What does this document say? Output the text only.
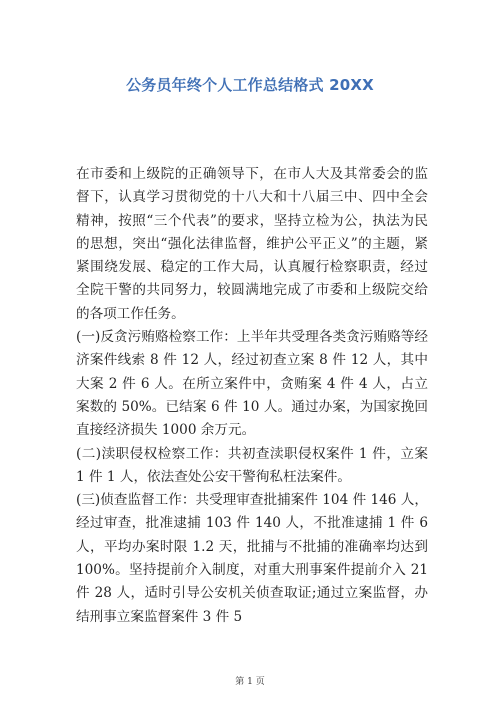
公务员年终个人工作总结格式 20XX

在市委和上级院的正确领导下，在市人大及其常委会的监督下，认真学习贯彻党的十八大和十八届三中、四中全会精神，按照“三个代表”的要求，坚持立检为公，执法为民的思想，突出“强化法律监督，维护公平正义”的主题，紧紧围绕发展、稳定的工作大局，认真履行检察职责，经过全院干警的共同努力，较圆满地完成了市委和上级院交给的各项工作任务。

(一)反贪污贿赂检察工作：上半年共受理各类贪污贿赂等经济案件线索 8 件 12 人，经过初查立案 8 件 12 人，其中大案 2 件 6 人。在所立案件中，贪贿案 4 件 4 人，占立案数的 50%。已结案 6 件 10 人。通过办案，为国家挽回直接经济损失 1000 余万元。

(二)渎职侵权检察工作：共初查渎职侵权案件 1 件，立案 1 件 1 人，依法查处公安干警徇私枉法案件。

(三)侦查监督工作：共受理审查批捕案件 104 件 146 人，经过审查，批准逮捕 103 件 140 人，不批准逮捕 1 件 6 人，平均办案时限 1.2 天，批捕与不批捕的准确率均达到 100%。坚持提前介入制度，对重大刑事案件提前介入 21 件 28 人，适时引导公安机关侦查取证;通过立案监督，办结刑事立案监督案件 3 件 5

第 1 页
